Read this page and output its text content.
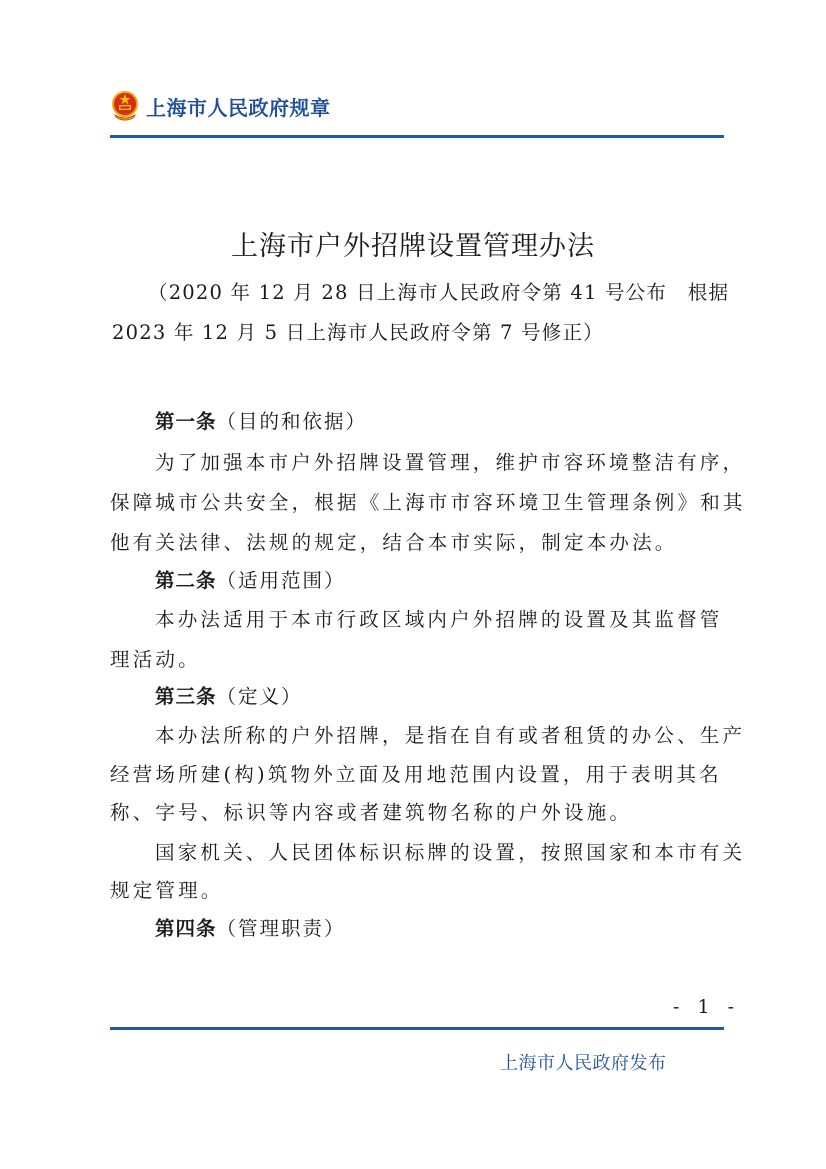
上海市人民政府规章
上海市户外招牌设置管理办法
（2020 年 12 月 28 日上海市人民政府令第 41 号公布　根据
2023 年 12 月 5 日上海市人民政府令第 7 号修正）
第一条（目的和依据）
为了加强本市户外招牌设置管理，维护市容环境整洁有序，
保障城市公共安全，根据《上海市市容环境卫生管理条例》和其
他有关法律、法规的规定，结合本市实际，制定本办法。
第二条（适用范围）
本办法适用于本市行政区域内户外招牌的设置及其监督管
理活动。
第三条（定义）
本办法所称的户外招牌，是指在自有或者租赁的办公、生产
经营场所建(构)筑物外立面及用地范围内设置，用于表明其名
称、字号、标识等内容或者建筑物名称的户外设施。
国家机关、人民团体标识标牌的设置，按照国家和本市有关
规定管理。
第四条（管理职责）
- 1 -
上海市人民政府发布
